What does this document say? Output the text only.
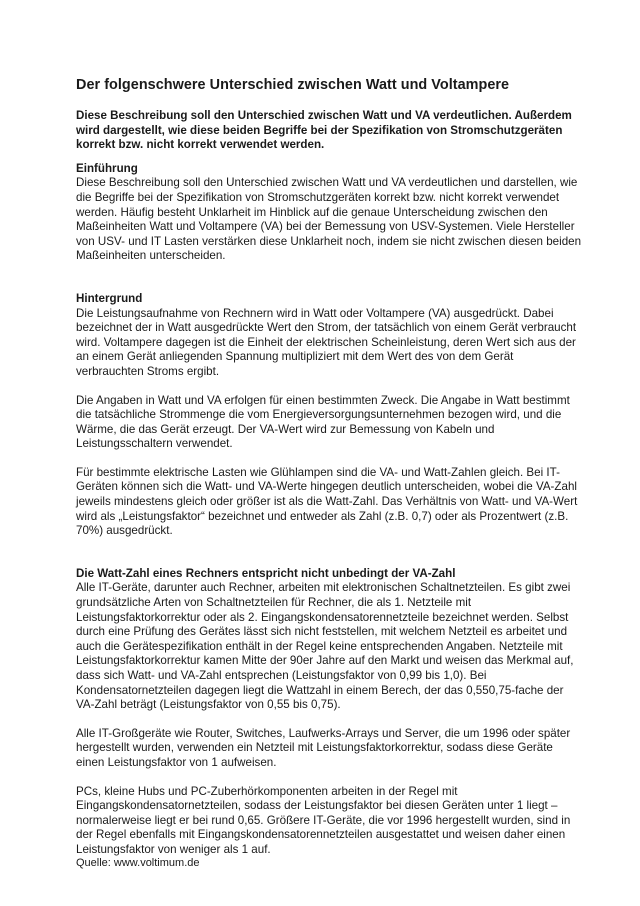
Der folgenschwere Unterschied zwischen Watt und Voltampere

Diese Beschreibung soll den Unterschied zwischen Watt und VA verdeutlichen. Außerdem wird dargestellt, wie diese beiden Begriffe bei der Spezifikation von Stromschutzgeräten korrekt bzw. nicht korrekt verwendet werden.

Einführung

Diese Beschreibung soll den Unterschied zwischen Watt und VA verdeutlichen und darstellen, wie die Begriffe bei der Spezifikation von Stromschutzgeräten korrekt bzw. nicht korrekt verwendet werden. Häufig besteht Unklarheit im Hinblick auf die genaue Unterscheidung zwischen den Maßeinheiten Watt und Voltampere (VA) bei der Bemessung von USV-Systemen. Viele Hersteller von USV- und IT Lasten verstärken diese Unklarheit noch, indem sie nicht zwischen diesen beiden Maßeinheiten unterscheiden.

Hintergrund

Die Leistungsaufnahme von Rechnern wird in Watt oder Voltampere (VA) ausgedrückt. Dabei bezeichnet der in Watt ausgedrückte Wert den Strom, der tatsächlich von einem Gerät verbraucht wird. Voltampere dagegen ist die Einheit der elektrischen Scheinleistung, deren Wert sich aus der an einem Gerät anliegenden Spannung multipliziert mit dem Wert des von dem Gerät verbrauchten Stroms ergibt.

Die Angaben in Watt und VA erfolgen für einen bestimmten Zweck. Die Angabe in Watt bestimmt die tatsächliche Strommenge die vom Energieversorgungsunternehmen bezogen wird, und die Wärme, die das Gerät erzeugt. Der VA-Wert wird zur Bemessung von Kabeln und Leistungsschaltern verwendet.

Für bestimmte elektrische Lasten wie Glühlampen sind die VA- und Watt-Zahlen gleich. Bei IT-Geräten können sich die Watt- und VA-Werte hingegen deutlich unterscheiden, wobei die VA-Zahl jeweils mindestens gleich oder größer ist als die Watt-Zahl. Das Verhältnis von Watt- und VA-Wert wird als „Leistungsfaktor“ bezeichnet und entweder als Zahl (z.B. 0,7) oder als Prozentwert (z.B. 70%) ausgedrückt.

Die Watt-Zahl eines Rechners entspricht nicht unbedingt der VA-Zahl

Alle IT-Geräte, darunter auch Rechner, arbeiten mit elektronischen Schaltnetzteilen. Es gibt zwei grundsätzliche Arten von Schaltnetzteilen für Rechner, die als 1. Netzteile mit Leistungsfaktorkorrektur oder als 2. Eingangskondensatorennetzteile bezeichnet werden. Selbst durch eine Prüfung des Gerätes lässt sich nicht feststellen, mit welchem Netzteil es arbeitet und auch die Gerätespezifikation enthält in der Regel keine entsprechenden Angaben. Netzteile mit Leistungsfaktorkorrektur kamen Mitte der 90er Jahre auf den Markt und weisen das Merkmal auf, dass sich Watt- und VA-Zahl entsprechen (Leistungsfaktor von 0,99 bis 1,0). Bei Kondensatornetzteilen dagegen liegt die Wattzahl in einem Berech, der das 0,550,75-fache der VA-Zahl beträgt (Leistungsfaktor von 0,55 bis 0,75).

Alle IT-Großgeräte wie Router, Switches, Laufwerks-Arrays und Server, die um 1996 oder später hergestellt wurden, verwenden ein Netzteil mit Leistungsfaktorkorrektur, sodass diese Geräte einen Leistungsfaktor von 1 aufweisen.

PCs, kleine Hubs und PC-Zuberhörkomponenten arbeiten in der Regel mit Eingangskondensatornetzteilen, sodass der Leistungsfaktor bei diesen Geräten unter 1 liegt – normalerweise liegt er bei rund 0,65. Größere IT-Geräte, die vor 1996 hergestellt wurden, sind in der Regel ebenfalls mit Eingangskondensatorennetzteilen ausgestattet und weisen daher einen Leistungsfaktor von weniger als 1 auf.

Quelle: www.voltimum.de
